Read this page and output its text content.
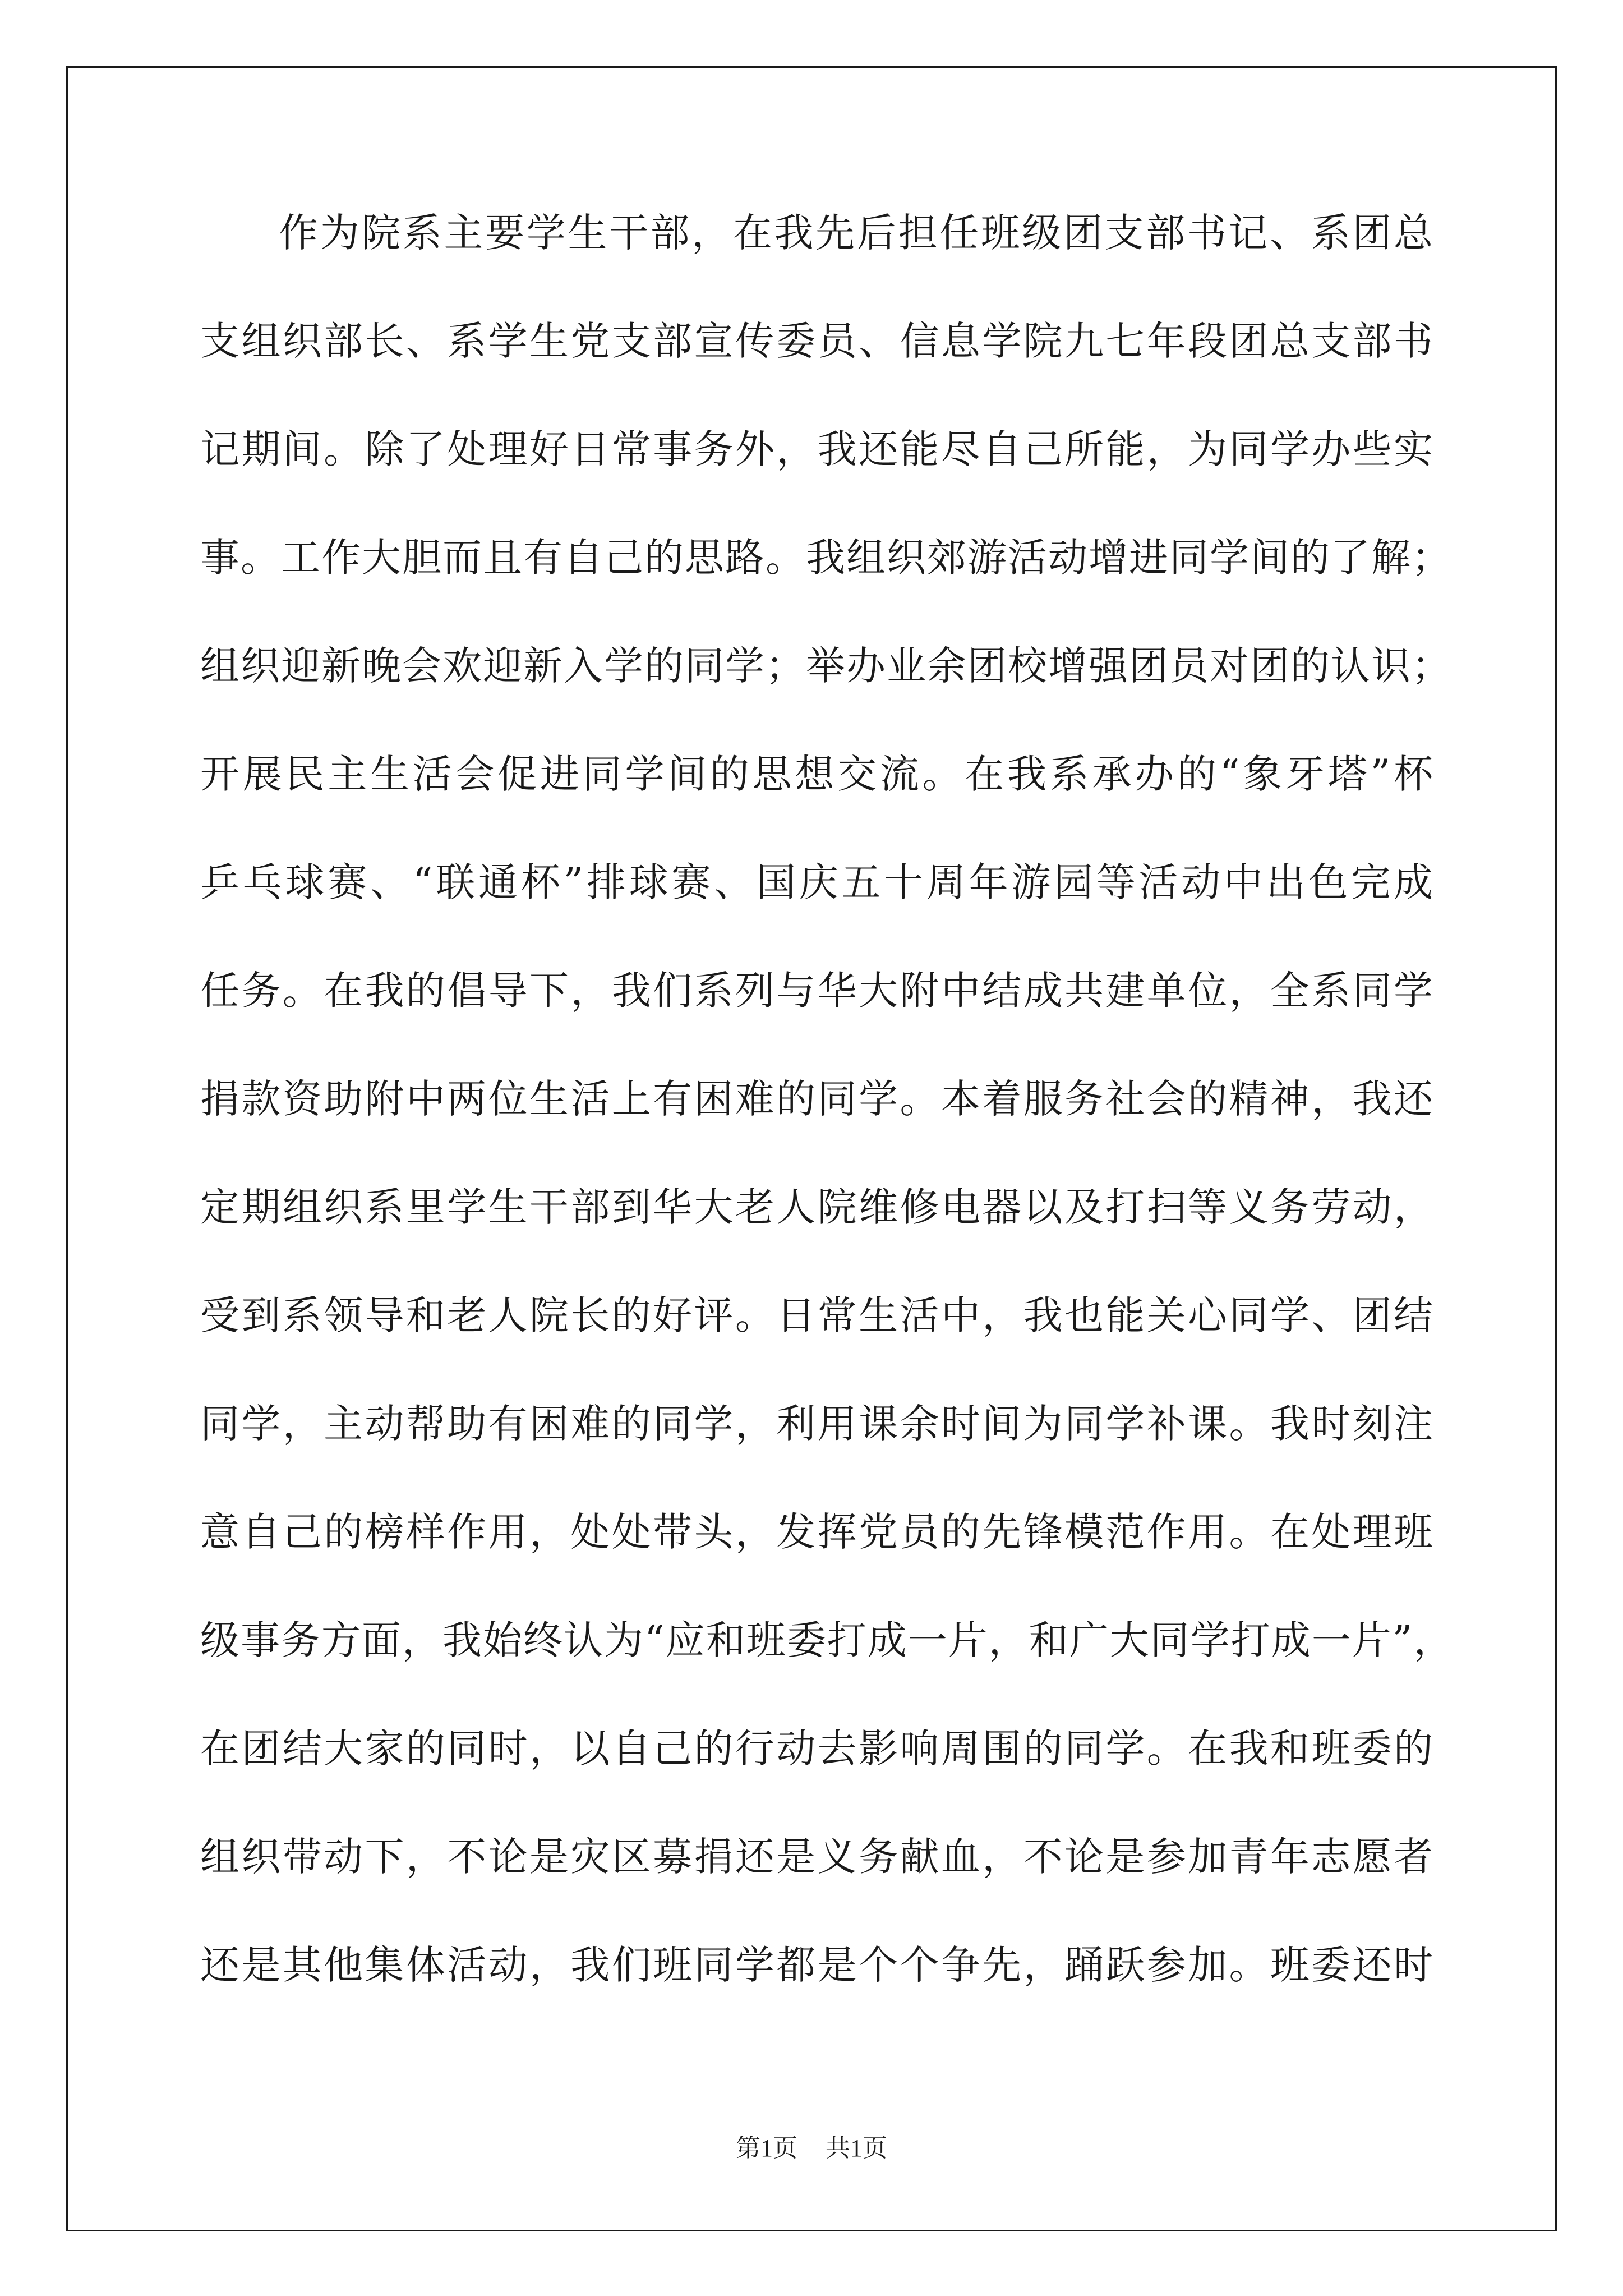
作为院系主要学生干部，在我先后担任班级团支部书记、系团总
支组织部长、系学生党支部宣传委员、信息学院九七年段团总支部书
记期间。除了处理好日常事务外，我还能尽自己所能，为同学办些实
事。工作大胆而且有自己的思路。我组织郊游活动增进同学间的了解；
组织迎新晚会欢迎新入学的同学；举办业余团校增强团员对团的认识；
开展民主生活会促进同学间的思想交流。在我系承办的“象牙塔”杯
乒乓球赛、“联通杯”排球赛、国庆五十周年游园等活动中出色完成
任务。在我的倡导下，我们系列与华大附中结成共建单位，全系同学
捐款资助附中两位生活上有困难的同学。本着服务社会的精神，我还
定期组织系里学生干部到华大老人院维修电器以及打扫等义务劳动，
受到系领导和老人院长的好评。日常生活中，我也能关心同学、团结
同学，主动帮助有困难的同学，利用课余时间为同学补课。我时刻注
意自己的榜样作用，处处带头，发挥党员的先锋模范作用。在处理班
级事务方面，我始终认为“应和班委打成一片，和广大同学打成一片”，
在团结大家的同时，以自己的行动去影响周围的同学。在我和班委的
组织带动下，不论是灾区募捐还是义务献血，不论是参加青年志愿者
还是其他集体活动，我们班同学都是个个争先，踊跃参加。班委还时
第1页 共1页
